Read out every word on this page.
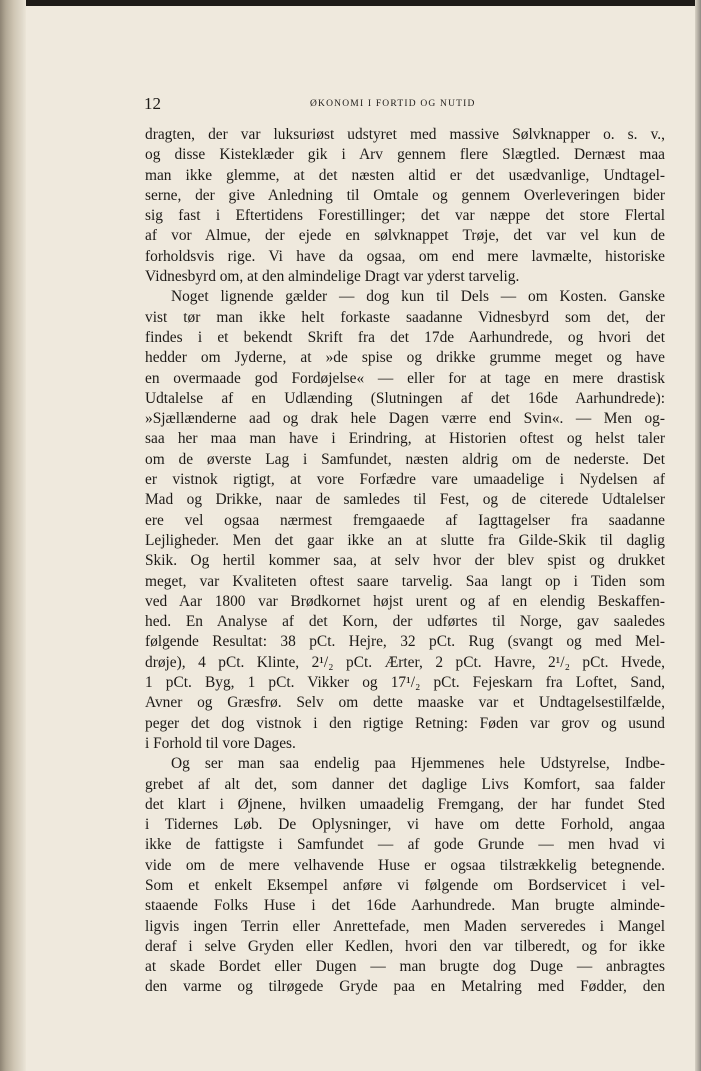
12	ØKONOMI I FORTID OG NUTID
dragten, der var luksuriøst udstyret med massive Sølvknapper o. s. v.,
og disse Kisteklæder gik i Arv gennem flere Slægtled. Dernæst maa
man ikke glemme, at det næsten altid er det usædvanlige, Undtagel-
serne, der give Anledning til Omtale og gennem Overleveringen bider
sig fast i Eftertidens Forestillinger; det var næppe det store Flertal
af vor Almue, der ejede en sølvknappet Trøje, det var vel kun de
forholdsvis rige. Vi have da ogsaa, om end mere lavmælte, historiske
Vidnesbyrd om, at den almindelige Dragt var yderst tarvelig.
Noget lignende gælder — dog kun til Dels — om Kosten. Ganske
vist tør man ikke helt forkaste saadanne Vidnesbyrd som det, der
findes i et bekendt Skrift fra det 17de Aarhundrede, og hvori det
hedder om Jyderne, at »de spise og drikke grumme meget og have
en overmaade god Fordøjelse« — eller for at tage en mere drastisk
Udtalelse af en Udlænding (Slutningen af det 16de Aarhundrede):
»Sjællænderne aad og drak hele Dagen værre end Svin«. — Men og-
saa her maa man have i Erindring, at Historien oftest og helst taler
om de øverste Lag i Samfundet, næsten aldrig om de nederste. Det
er vistnok rigtigt, at vore Forfædre vare umaadelige i Nydelsen af
Mad og Drikke, naar de samledes til Fest, og de citerede Udtalelser
ere vel ogsaa nærmest fremgaaede af Iagttagelser fra saadanne
Lejligheder. Men det gaar ikke an at slutte fra Gilde-Skik til daglig
Skik. Og hertil kommer saa, at selv hvor der blev spist og drukket
meget, var Kvaliteten oftest saare tarvelig. Saa langt op i Tiden som
ved Aar 1800 var Brødkornet højst urent og af en elendig Beskaffen-
hed. En Analyse af det Korn, der udførtes til Norge, gav saaledes
følgende Resultat: 38 pCt. Hejre, 32 pCt. Rug (svangt og med Mel-
drøje), 4 pCt. Klinte, 2¹/₂ pCt. Ærter, 2 pCt. Havre, 2¹/₂ pCt. Hvede,
1 pCt. Byg, 1 pCt. Vikker og 17¹/₂ pCt. Fejeskarn fra Loftet, Sand,
Avner og Græsfrø. Selv om dette maaske var et Undtagelsestilfælde,
peger det dog vistnok i den rigtige Retning: Føden var grov og usund
i Forhold til vore Dages.
Og ser man saa endelig paa Hjemmenes hele Udstyrelse, Indbe-
grebet af alt det, som danner det daglige Livs Komfort, saa falder
det klart i Øjnene, hvilken umaadelig Fremgang, der har fundet Sted
i Tidernes Løb. De Oplysninger, vi have om dette Forhold, angaa
ikke de fattigste i Samfundet — af gode Grunde — men hvad vi
vide om de mere velhavende Huse er ogsaa tilstrækkelig betegnende.
Som et enkelt Eksempel anføre vi følgende om Bordservicet i vel-
staaende Folks Huse i det 16de Aarhundrede. Man brugte alminde-
ligvis ingen Terrin eller Anrettefade, men Maden serveredes i Mangel
deraf i selve Gryden eller Kedlen, hvori den var tilberedt, og for ikke
at skade Bordet eller Dugen — man brugte dog Duge — anbragtes
den varme og tilrøgede Gryde paa en Metalring med Fødder, den
